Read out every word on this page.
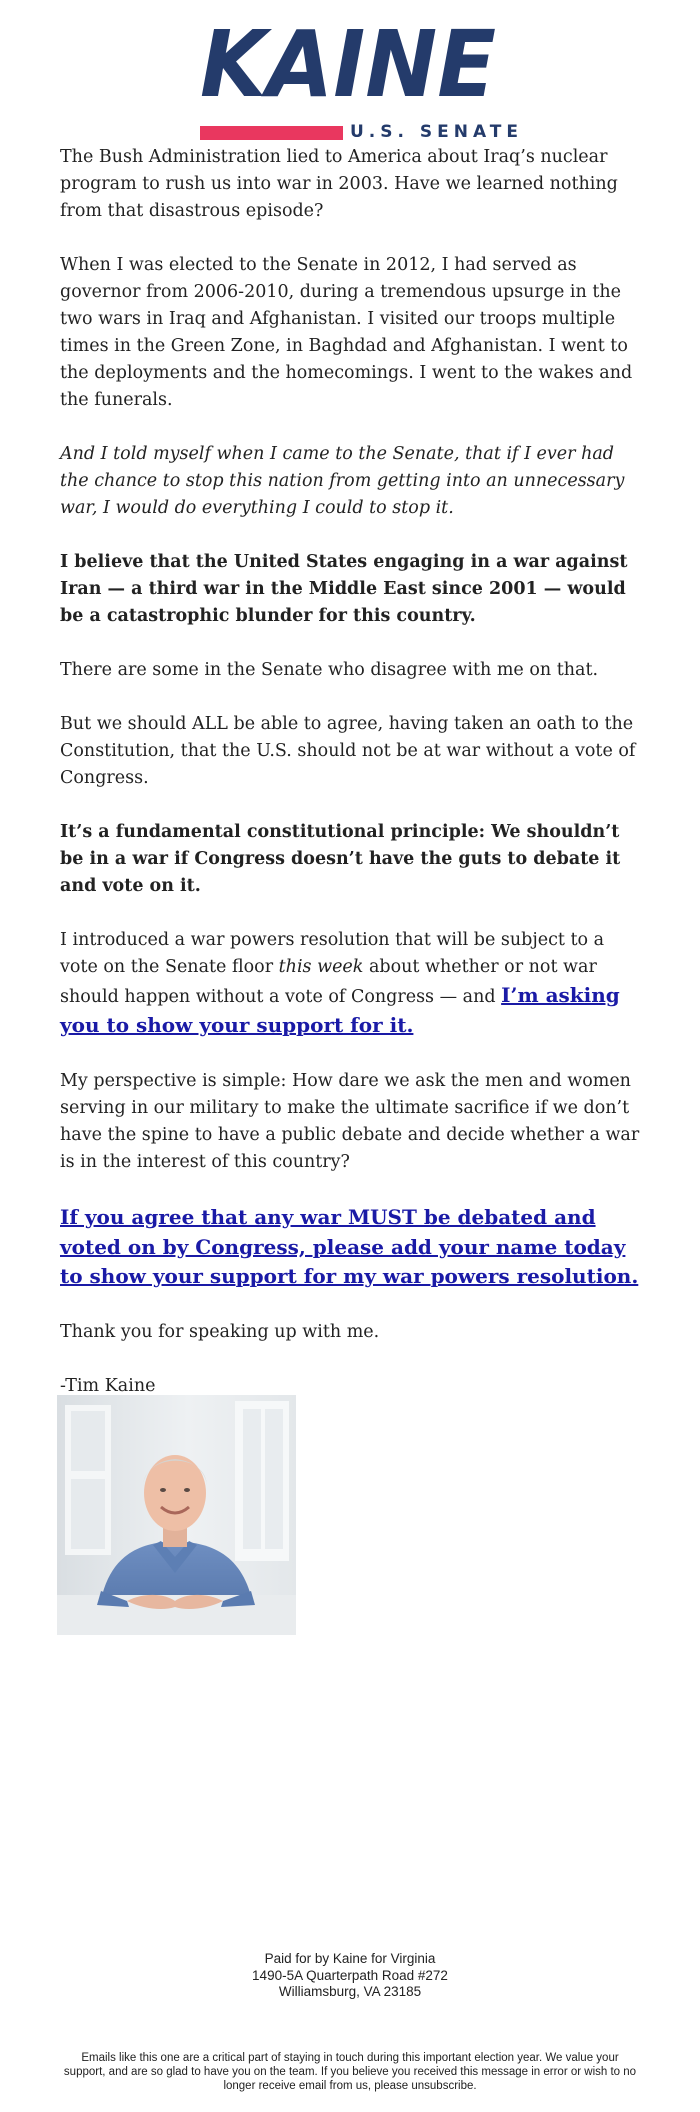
KAINE
U.S. SENATE

The Bush Administration lied to America about Iraq’s nuclear program to rush us into war in 2003. Have we learned nothing from that disastrous episode?

When I was elected to the Senate in 2012, I had served as governor from 2006-2010, during a tremendous upsurge in the two wars in Iraq and Afghanistan. I visited our troops multiple times in the Green Zone, in Baghdad and Afghanistan. I went to the deployments and the homecomings. I went to the wakes and the funerals.

And I told myself when I came to the Senate, that if I ever had the chance to stop this nation from getting into an unnecessary war, I would do everything I could to stop it.

I believe that the United States engaging in a war against Iran — a third war in the Middle East since 2001 — would be a catastrophic blunder for this country.

There are some in the Senate who disagree with me on that.

But we should ALL be able to agree, having taken an oath to the Constitution, that the U.S. should not be at war without a vote of Congress.

It’s a fundamental constitutional principle: We shouldn’t be in a war if Congress doesn’t have the guts to debate it and vote on it.

I introduced a war powers resolution that will be subject to a vote on the Senate floor this week about whether or not war should happen without a vote of Congress — and I’m asking you to show your support for it.

My perspective is simple: How dare we ask the men and women serving in our military to make the ultimate sacrifice if we don’t have the spine to have a public debate and decide whether a war is in the interest of this country?

If you agree that any war MUST be debated and voted on by Congress, please add your name today to show your support for my war powers resolution.

Thank you for speaking up with me.

-Tim Kaine

Paid for by Kaine for Virginia
1490-5A Quarterpath Road #272
Williamsburg, VA 23185
Emails like this one are a critical part of staying in touch during this important election year. We value your support, and are so glad to have you on the team. If you believe you received this message in error or wish to no longer receive email from us, please unsubscribe.
